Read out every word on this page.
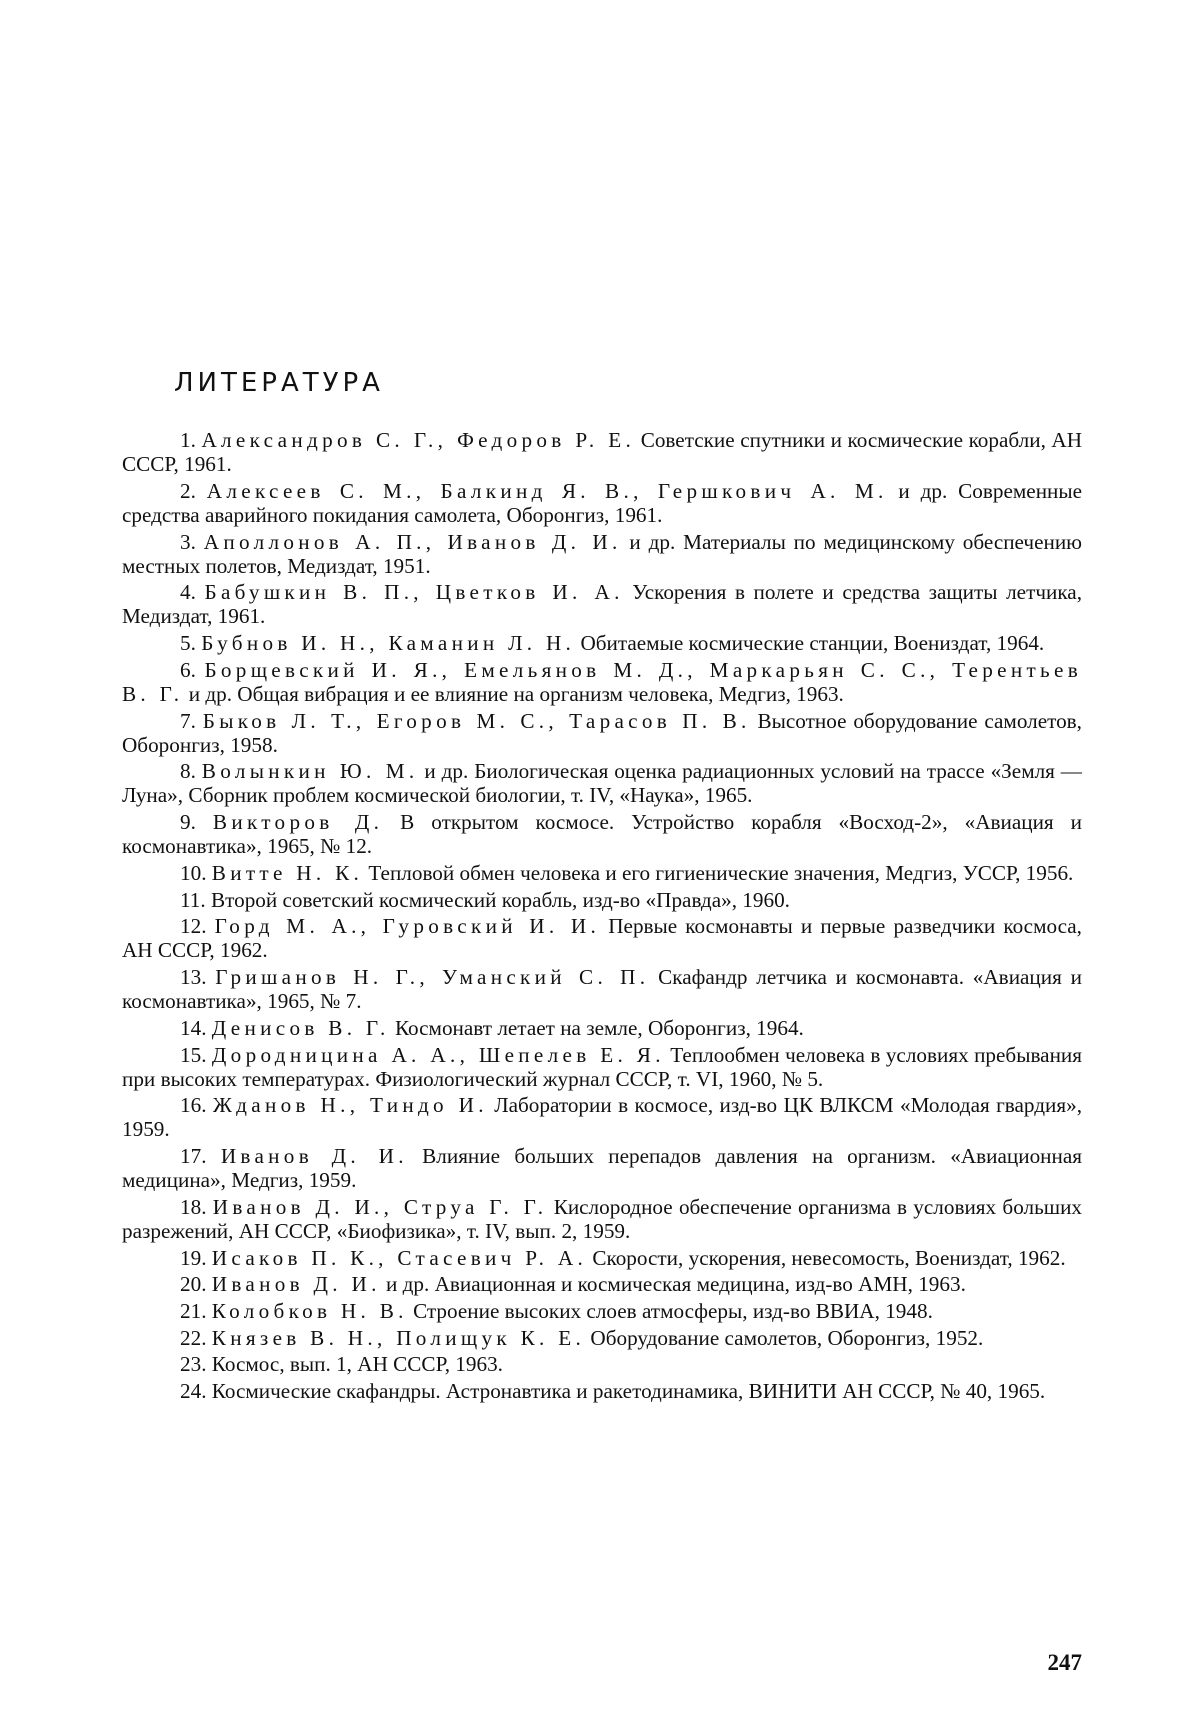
ЛИТЕРАТУРА
1. Александров С. Г., Федоров Р. Е. Советские спутники и космические корабли, АН СССР, 1961.
2. Алексеев С. М., Балкинд Я. В., Гершкович А. М. и др. Современные средства аварийного покидания самолета, Оборонгиз, 1961.
3. Аполлонов А. П., Иванов Д. И. и др. Материалы по медицинскому обеспечению местных полетов, Медиздат, 1951.
4. Бабушкин В. П., Цветков И. А. Ускорения в полете и средства защиты летчика, Медиздат, 1961.
5. Бубнов И. Н., Каманин Л. Н. Обитаемые космические станции, Воениздат, 1964.
6. Борщевский И. Я., Емельянов М. Д., Маркарьян С. С., Терентьев В. Г. и др. Общая вибрация и ее влияние на организм человека, Медгиз, 1963.
7. Быков Л. Т., Егоров М. С., Тарасов П. В. Высотное оборудование самолетов, Оборонгиз, 1958.
8. Волынкин Ю. М. и др. Биологическая оценка радиационных условий на трассе «Земля — Луна», Сборник проблем космической биологии, т. IV, «Наука», 1965.
9. Викторов Д. В открытом космосе. Устройство корабля «Восход-2», «Авиация и космонавтика», 1965, № 12.
10. Витте Н. К. Тепловой обмен человека и его гигиенические значения, Медгиз, УССР, 1956.
11. Второй советский космический корабль, изд-во «Правда», 1960.
12. Горд М. А., Гуровский И. И. Первые космонавты и первые разведчики космоса, АН СССР, 1962.
13. Гришанов Н. Г., Уманский С. П. Скафандр летчика и космонавта. «Авиация и космонавтика», 1965, № 7.
14. Денисов В. Г. Космонавт летает на земле, Оборонгиз, 1964.
15. Дородницина А. А., Шепелев Е. Я. Теплообмен человека в условиях пребывания при высоких температурах. Физиологический журнал СССР, т. VI, 1960, № 5.
16. Жданов Н., Тиндо И. Лаборатории в космосе, изд-во ЦК ВЛКСМ «Молодая гвардия», 1959.
17. Иванов Д. И. Влияние больших перепадов давления на организм. «Авиационная медицина», Медгиз, 1959.
18. Иванов Д. И., Струа Г. Г. Кислородное обеспечение организма в условиях больших разрежений, АН СССР, «Биофизика», т. IV, вып. 2, 1959.
19. Исаков П. К., Стасевич Р. А. Скорости, ускорения, невесомость, Воениздат, 1962.
20. Иванов Д. И. и др. Авиационная и космическая медицина, изд-во АМН, 1963.
21. Колобков Н. В. Строение высоких слоев атмосферы, изд-во ВВИА, 1948.
22. Князев В. Н., Полищук К. Е. Оборудование самолетов, Оборонгиз, 1952.
23. Космос, вып. 1, АН СССР, 1963.
24. Космические скафандры. Астронавтика и ракетодинамика, ВИНИТИ АН СССР, № 40, 1965.
247
